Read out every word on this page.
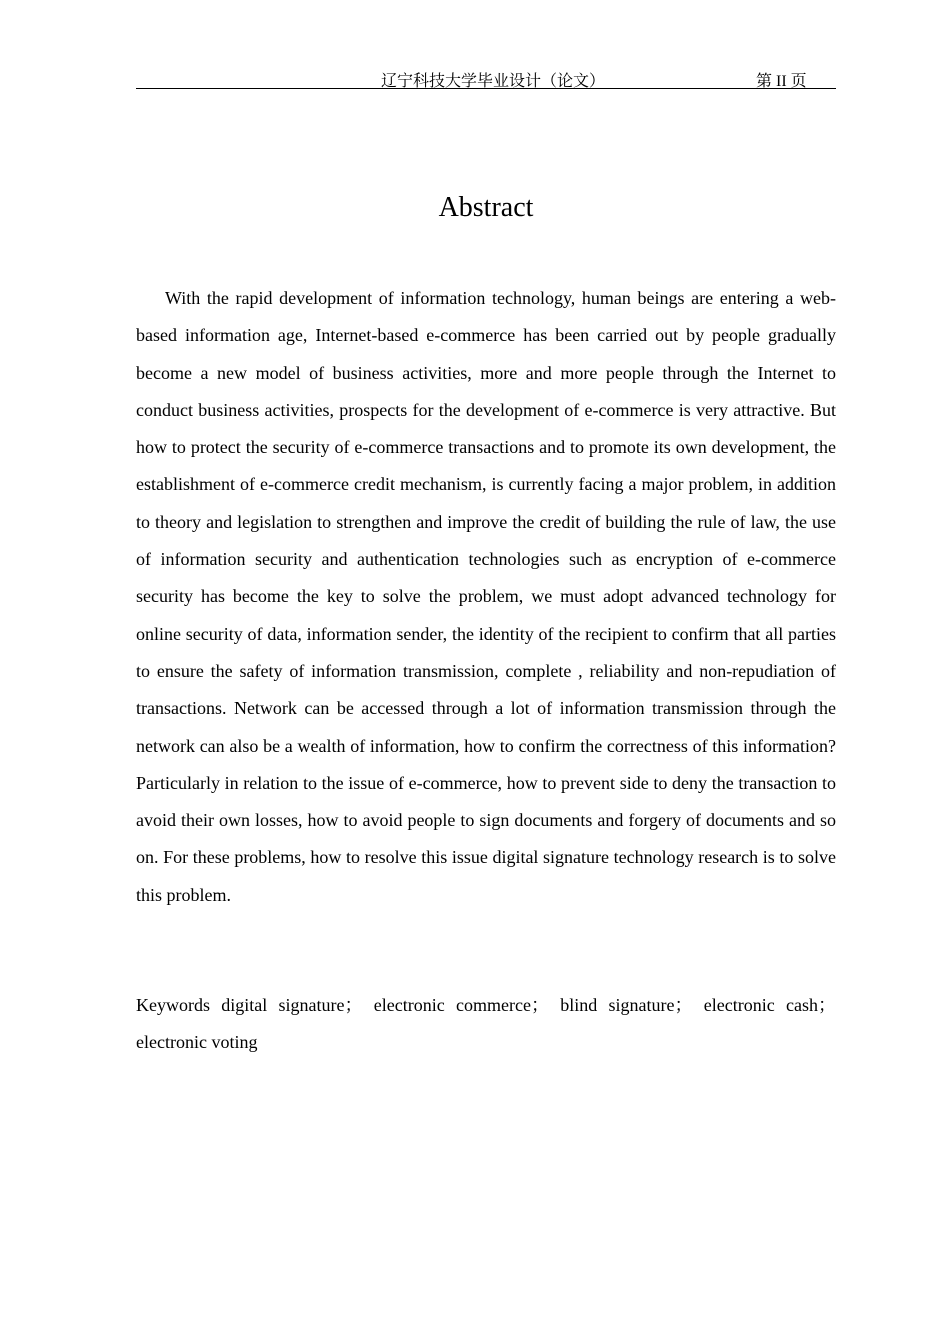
辽宁科技大学毕业设计（论文）	第 II 页
Abstract

With the rapid development of information technology, human beings are entering a web-based information age, Internet-based e-commerce has been carried out by people gradually become a new model of business activities, more and more people through the Internet to conduct business activities, prospects for the development of e-commerce is very attractive. But how to protect the security of e-commerce transactions and to promote its own development, the establishment of e-commerce credit mechanism, is currently facing a major problem, in addition to theory and legislation to strengthen and improve the credit of building the rule of law, the use of information security and authentication technologies such as encryption of e-commerce security has become the key to solve the problem, we must adopt advanced technology for online security of data, information sender, the identity of the recipient to confirm that all parties to ensure the safety of information transmission, complete , reliability and non-repudiation of transactions. Network can be accessed through a lot of information transmission through the network can also be a wealth of information, how to confirm the correctness of this information? Particularly in relation to the issue of e-commerce, how to prevent side to deny the transaction to avoid their own losses, how to avoid people to sign documents and forgery of documents and so on. For these problems, how to resolve this issue digital signature technology research is to solve this problem.

Keywords digital signature； electronic commerce； blind signature； electronic cash； electronic voting
